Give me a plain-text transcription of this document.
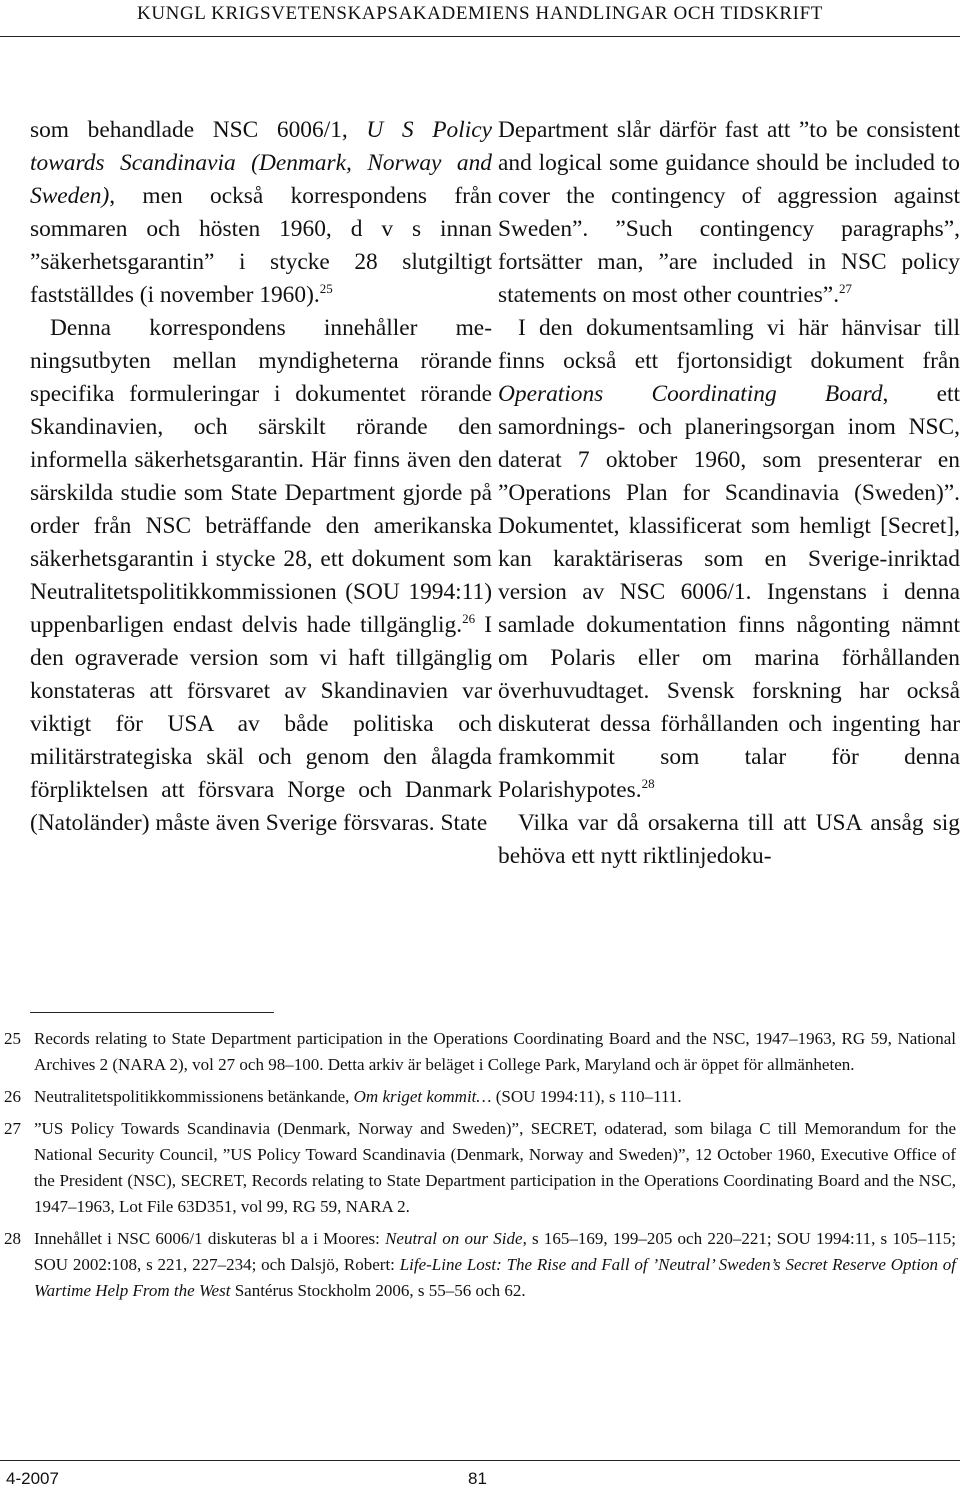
KUNGL KRIGSVETENSKAPSAKADEMIENS HANDLINGAR OCH TIDSKRIFT

som behandlade NSC 6006/1, U S Policy towards Scandinavia (Denmark, Norway and Sweden), men också korrespondens från sommaren och hösten 1960, d v s innan ”säkerhetsgarantin” i stycke 28 slutgiltigt fastställdes (i november 1960).$^{25}$

Denna korrespondens innehåller meningsutbyten mellan myndigheterna rörande specifika formuleringar i dokumentet rörande Skandinavien, och särskilt rörande den informella säkerhetsgarantin. Här finns även den särskilda studie som State Department gjorde på order från NSC beträffande den amerikanska säkerhetsgarantin i stycke 28, ett dokument som Neutralitetspolitikkommissionen (SOU 1994:11) uppenbarligen endast delvis hade tillgänglig.$^{26}$ I den ograverade version som vi haft tillgänglig konstateras att försvaret av Skandinavien var viktigt för USA av både politiska och militärstrategiska skäl och genom den ålagda förpliktelsen att försvara Norge och Danmark (Natoländer) måste även Sverige försvaras. State

Department slår därför fast att ”to be consistent and logical some guidance should be included to cover the contingency of aggression against Sweden”. ”Such contingency paragraphs”, fortsätter man, ”are included in NSC policy statements on most other countries”.$^{27}$

I den dokumentsamling vi här hänvisar till finns också ett fjortonsidigt dokument från Operations Coordinating Board, ett samordnings- och planeringsorgan inom NSC, daterat 7 oktober 1960, som presenterar en ”Operations Plan for Scandinavia (Sweden)”. Dokumentet, klassificerat som hemligt [Secret], kan karaktäriseras som en Sverige-inriktad version av NSC 6006/1. Ingenstans i denna samlade dokumentation finns någonting nämnt om Polaris eller om marina förhållanden överhuvudtaget. Svensk forskning har också diskuterat dessa förhållanden och ingenting har framkommit som talar för denna Polarishypotes.$^{28}$

Vilka var då orsakerna till att USA ansåg sig behöva ett nytt riktlinjedoku-

25 Records relating to State Department participation in the Operations Coordinating Board and the NSC, 1947–1963, RG 59, National Archives 2 (NARA 2), vol 27 och 98–100. Detta arkiv är beläget i College Park, Maryland och är öppet för allmänheten.
26 Neutralitetspolitikkommissionens betänkande, Om kriget kommit… (SOU 1994:11), s 110–111.
27 ”US Policy Towards Scandinavia (Denmark, Norway and Sweden)”, SECRET, odaterad, som bilaga C till Memorandum for the National Security Council, ”US Policy Toward Scandinavia (Denmark, Norway and Sweden)”, 12 October 1960, Executive Office of the President (NSC), SECRET, Records relating to State Department participation in the Operations Coordinating Board and the NSC, 1947–1963, Lot File 63D351, vol 99, RG 59, NARA 2.
28 Innehållet i NSC 6006/1 diskuteras bl a i Moores: Neutral on our Side, s 165–169, 199–205 och 220–221; SOU 1994:11, s 105–115; SOU 2002:108, s 221, 227–234; och Dalsjö, Robert: Life-Line Lost: The Rise and Fall of ’Neutral’ Sweden’s Secret Reserve Option of Wartime Help From the West Santérus Stockholm 2006, s 55–56 och 62.
4-2007	81
